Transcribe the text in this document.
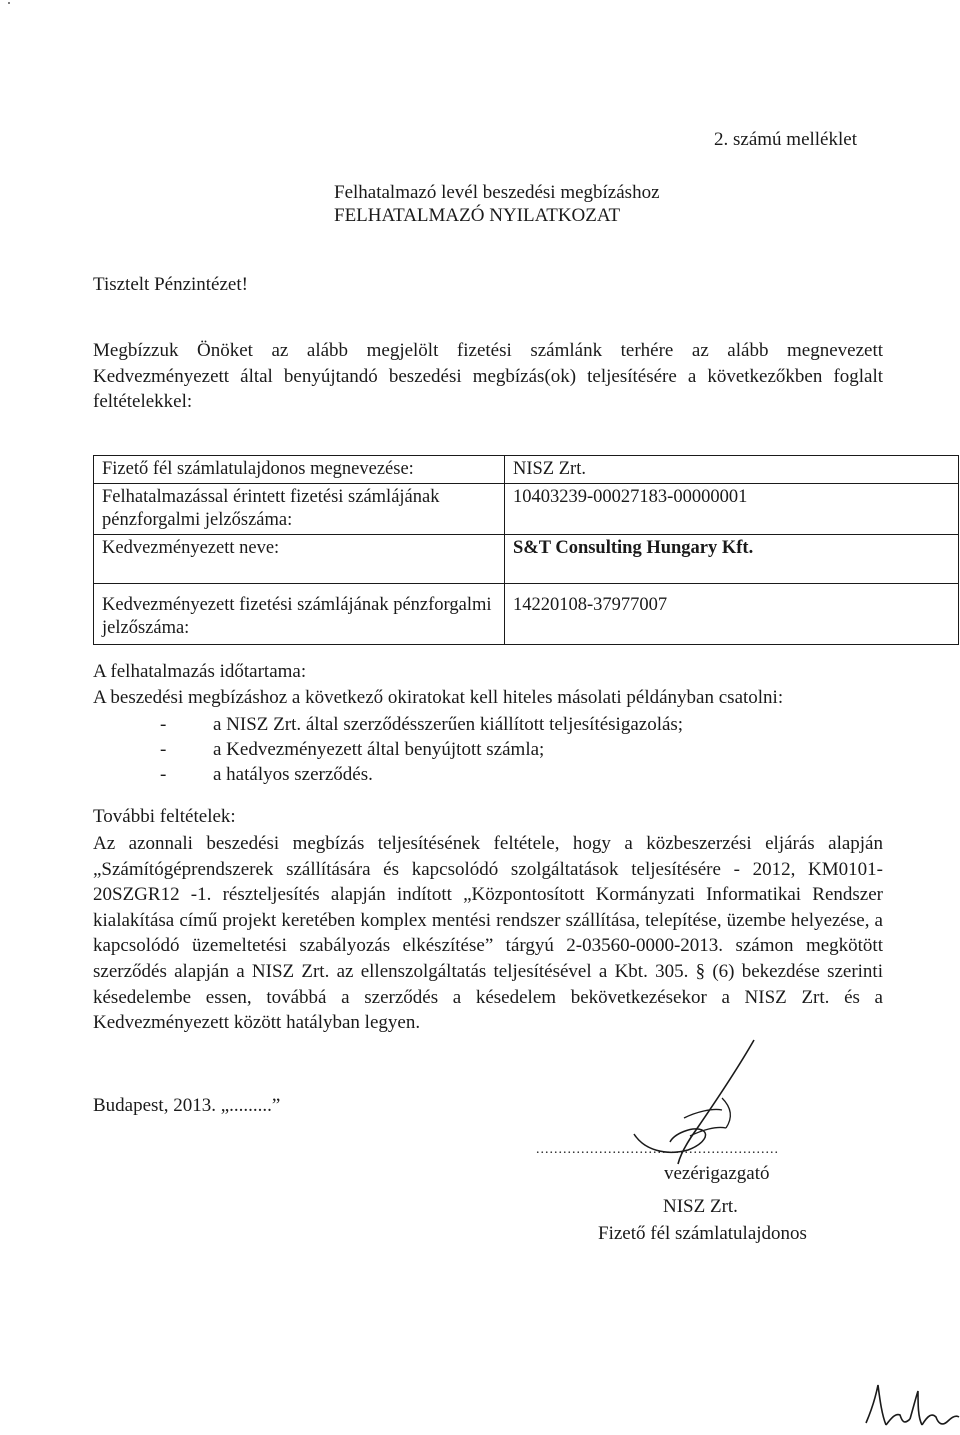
2. számú melléklet
Felhatalmazó levél beszedési megbízáshoz
FELHATALMAZÓ NYILATKOZAT
Tisztelt Pénzintézet!
Megbízzuk Önöket az alább megjelölt fizetési számlánk terhére az alább megnevezett Kedvezményezett által benyújtandó beszedési megbízás(ok) teljesítésére a következőkben foglalt feltételekkel:
Fizető fél számlatulajdonos megnevezése:	NISZ Zrt.
Felhatalmazással érintett fizetési számlájának pénzforgalmi jelzőszáma:	10403239-00027183-00000001
Kedvezményezett neve:	S&T Consulting Hungary Kft.
Kedvezményezett fizetési számlájának pénzforgalmi jelzőszáma:	14220108-37977007
A felhatalmazás időtartama:
A beszedési megbízáshoz a következő okiratokat kell hiteles másolati példányban csatolni:
- a NISZ Zrt. által szerződésszerűen kiállított teljesítésigazolás;
- a Kedvezményezett által benyújtott számla;
- a hatályos szerződés.
További feltételek:
Az azonnali beszedési megbízás teljesítésének feltétele, hogy a közbeszerzési eljárás alapján „Számítógéprendszerek szállítására és kapcsolódó szolgáltatások teljesítésére - 2012, KM0101-20SZGR12 -1. részteljesítés alapján indított „Központosított Kormányzati Informatikai Rendszer kialakítása című projekt keretében komplex mentési rendszer szállítása, telepítése, üzembe helyezése, a kapcsolódó üzemeltetési szabályozás elkészítése” tárgyú 2-03560-0000-2013. számon megkötött szerződés alapján a NISZ Zrt. az ellenszolgáltatás teljesítésével a Kbt. 305. § (6) bekezdése szerinti késedelembe essen, továbbá a szerződés a késedelem bekövetkezésekor a NISZ Zrt. és a Kedvezményezett között hatályban legyen.
Budapest, 2013. „.........”
......................................................
vezérigazgató
NISZ Zrt.
Fizető fél számlatulajdonos
